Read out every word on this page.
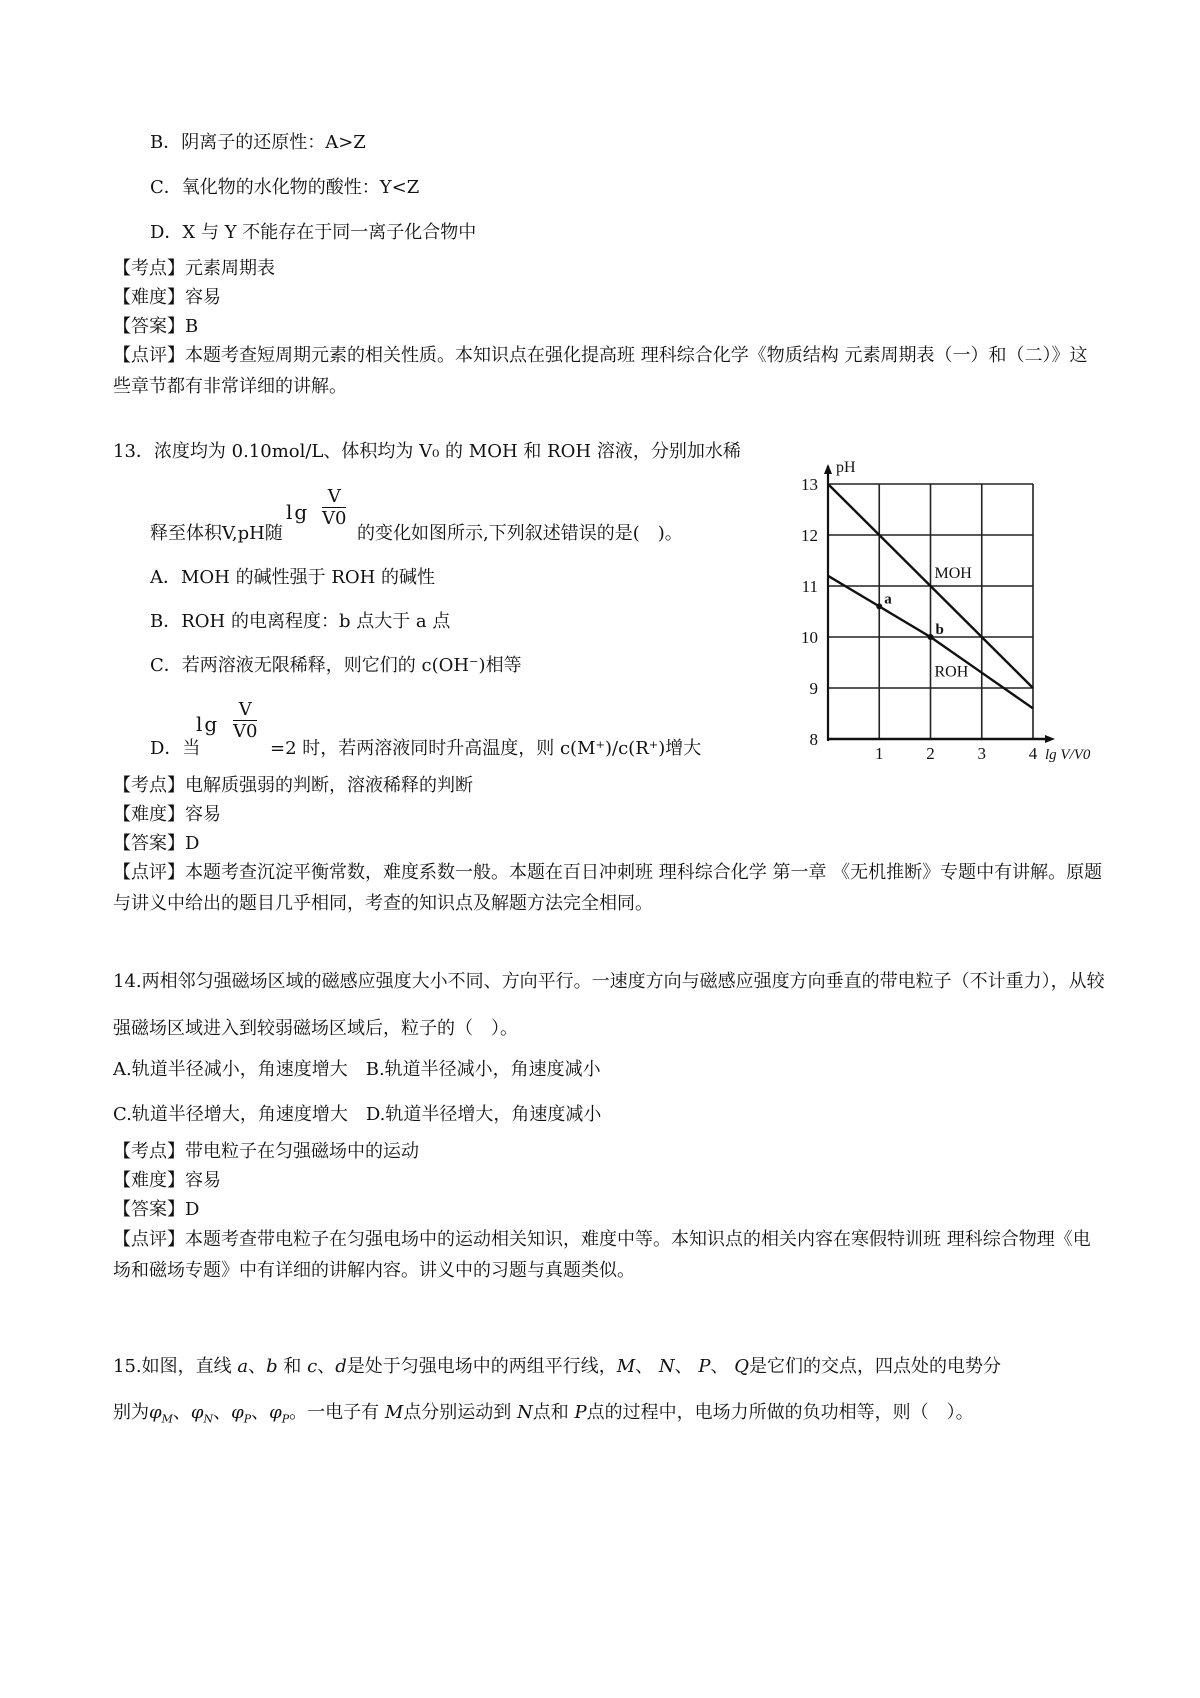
B．阴离子的还原性：A>Z
C．氧化物的水化物的酸性：Y<Z
D．X 与 Y 不能存在于同一离子化合物中
【考点】元素周期表
【难度】容易
【答案】B
【点评】本题考查短周期元素的相关性质。本知识点在强化提高班 理科综合化学《物质结构 元素周期表（一）和（二）》这些章节都有非常详细的讲解。
13．浓度均为 0.10mol/L、体积均为 V₀ 的 MOH 和 ROH 溶液，分别加水稀
释至体积V,pH随
$\lg \frac{V}{V0}$
的变化如图所示,下列叙述错误的是(　)。
A．MOH 的碱性强于 ROH 的碱性
B．ROH 的电离程度：b 点大于 a 点
C．若两溶液无限稀释，则它们的 c(OH⁻)相等
D．当
$\lg \frac{V}{V0}$
=2 时，若两溶液同时升高温度，则 c(M⁺)/c(R⁺)增大	8
9
10
11
12
13
1	2	3	4
pH
lg V/V0
MOH
ROH
a
b
【考点】电解质强弱的判断，溶液稀释的判断
【难度】容易
【答案】D
【点评】本题考查沉淀平衡常数，难度系数一般。本题在百日冲刺班 理科综合化学 第一章 《无机推断》专题中有讲解。原题与讲义中给出的题目几乎相同，考查的知识点及解题方法完全相同。
14.两相邻匀强磁场区域的磁感应强度大小不同、方向平行。一速度方向与磁感应强度方向垂直的带电粒子（不计重力），从较强磁场区域进入到较弱磁场区域后，粒子的（　）。
A.轨道半径减小，角速度增大　B.轨道半径减小，角速度减小
C.轨道半径增大，角速度增大　D.轨道半径增大，角速度减小
【考点】带电粒子在匀强磁场中的运动
【难度】容易
【答案】D
【点评】本题考查带电粒子在匀强电场中的运动相关知识，难度中等。本知识点的相关内容在寒假特训班 理科综合物理《电场和磁场专题》中有详细的讲解内容。讲义中的习题与真题类似。
15.如图，直线 a、b 和 c、d是处于匀强电场中的两组平行线，M、 N、 P、 Q是它们的交点，四点处的电势分
别为$\varphi_M$、$\varphi_N$、$\varphi_P$、$\varphi_P$。一电子有 M点分别运动到 N点和 P点的过程中，电场力所做的负功相等，则（　）。
